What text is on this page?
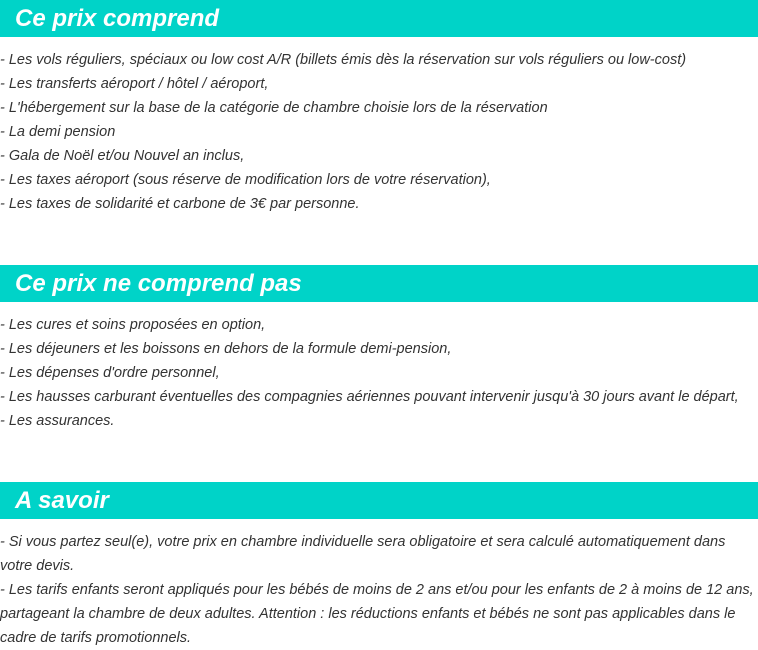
Ce prix comprend
- Les vols réguliers, spéciaux ou low cost A/R (billets émis dès la réservation sur vols réguliers ou low-cost)
- Les transferts aéroport / hôtel / aéroport,
- L'hébergement sur la base de la catégorie de chambre choisie lors de la réservation
- La demi pension
- Gala de Noël et/ou Nouvel an inclus,
- Les taxes aéroport (sous réserve de modification lors de votre réservation),
- Les taxes de solidarité et carbone de 3€ par personne.
Ce prix ne comprend pas
- Les cures et soins proposées en option,
- Les déjeuners et les boissons en dehors de la formule demi-pension,
- Les dépenses d'ordre personnel,
- Les hausses carburant éventuelles des compagnies aériennes pouvant intervenir jusqu'à 30 jours avant le départ,
- Les assurances.
A savoir
- Si vous partez seul(e), votre prix en chambre individuelle sera obligatoire et sera calculé automatiquement dans votre devis.
- Les tarifs enfants seront appliqués pour les bébés de moins de 2 ans et/ou pour les enfants de 2 à moins de 12 ans, partageant la chambre de deux adultes. Attention : les réductions enfants et bébés ne sont pas applicables dans le cadre de tarifs promotionnels.
